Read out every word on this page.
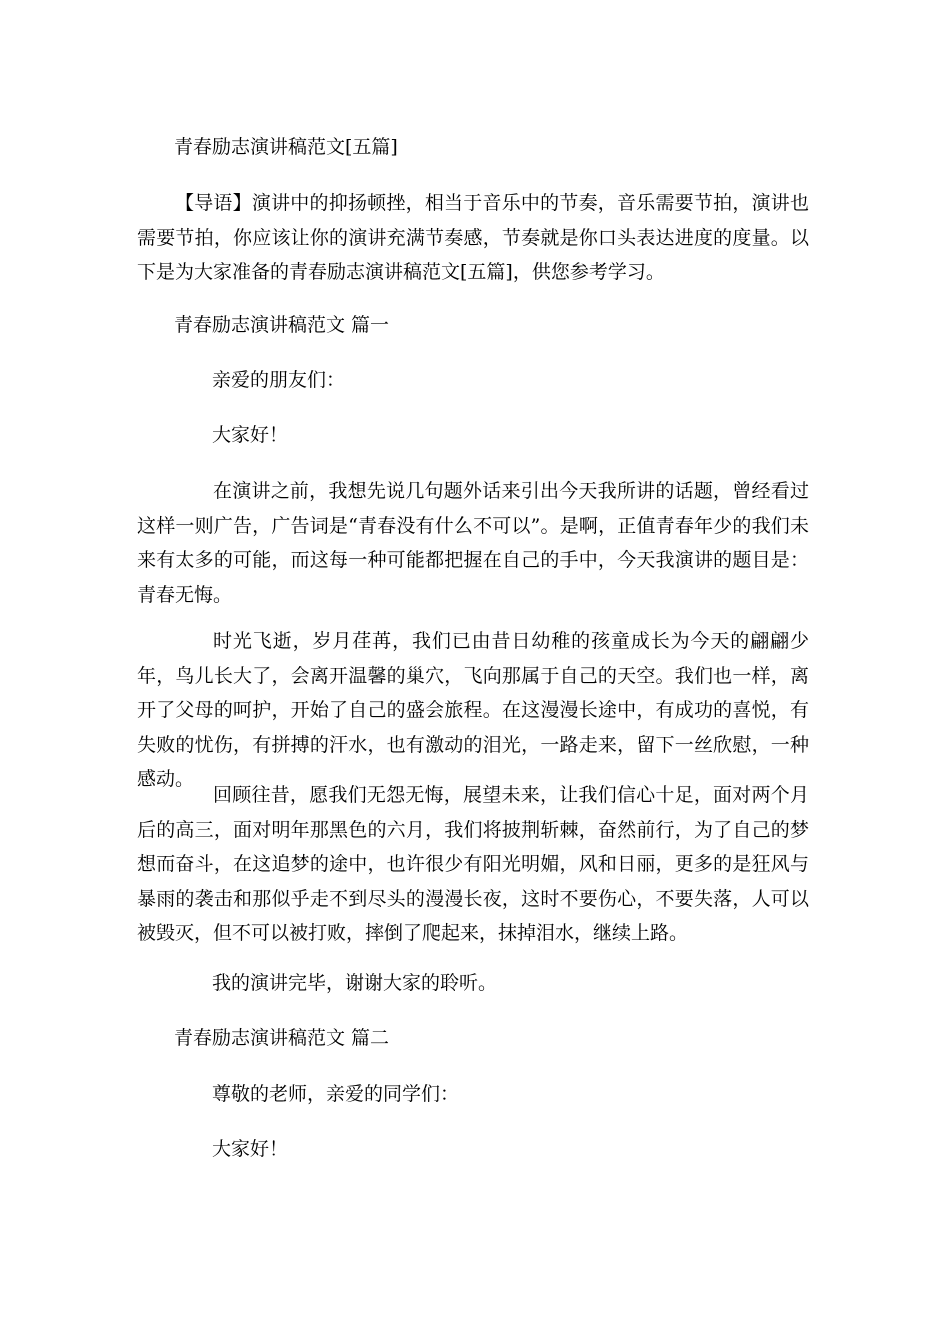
青春励志演讲稿范文[五篇]
【导语】演讲中的抑扬顿挫，相当于音乐中的节奏，音乐需要节拍，演讲也需要节拍，你应该让你的演讲充满节奏感，节奏就是你口头表达进度的度量。以下是为大家准备的青春励志演讲稿范文[五篇]，供您参考学习。
青春励志演讲稿范文 篇一
亲爱的朋友们：
大家好！
在演讲之前，我想先说几句题外话来引出今天我所讲的话题，曾经看过这样一则广告，广告词是“青春没有什么不可以”。是啊，正值青春年少的我们未来有太多的可能，而这每一种可能都把握在自己的手中，今天我演讲的题目是：青春无悔。
时光飞逝，岁月荏苒，我们已由昔日幼稚的孩童成长为今天的翩翩少年，鸟儿长大了，会离开温馨的巢穴，飞向那属于自己的天空。我们也一样，离开了父母的呵护，开始了自己的盛会旅程。在这漫漫长途中，有成功的喜悦，有失败的忧伤，有拼搏的汗水，也有激动的泪光，一路走来，留下一丝欣慰，一种感动。
回顾往昔，愿我们无怨无悔，展望未来，让我们信心十足，面对两个月后的高三，面对明年那黑色的六月，我们将披荆斩棘，奋然前行，为了自己的梦想而奋斗，在这追梦的途中，也许很少有阳光明媚，风和日丽，更多的是狂风与暴雨的袭击和那似乎走不到尽头的漫漫长夜，这时不要伤心，不要失落，人可以被毁灭，但不可以被打败，摔倒了爬起来，抹掉泪水，继续上路。
我的演讲完毕，谢谢大家的聆听。
青春励志演讲稿范文 篇二
尊敬的老师，亲爱的同学们：
大家好！
